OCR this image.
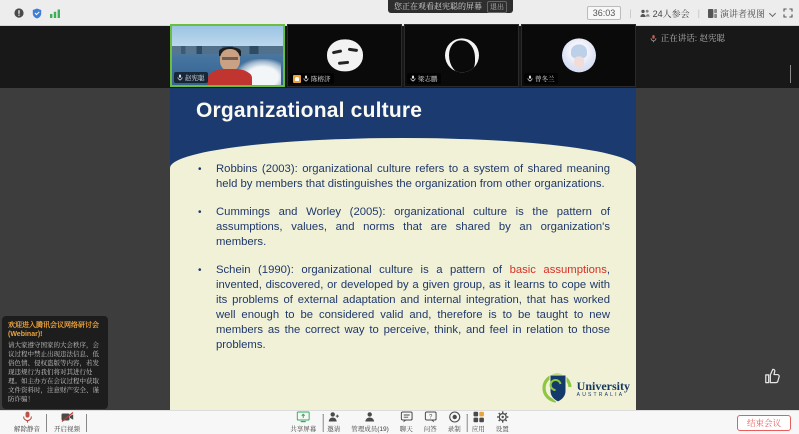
36:03	| 24人参会 | 演讲者视图
您正在观看赵宪聪的屏幕	退出
赵宪聪	陈榕济	梁志鹏	曾冬兰
正在讲话: 赵宪聪
Organizational culture
•	Robbins (2003): organizational culture refers to a system of shared meaning held by members that distinguishes the organization from other organizations.
•	Cummings and Worley (2005): organizational culture is the pattern of assumptions, values, and norms that are shared by an organization's members.
•	Schein (1990): organizational culture is a pattern of basic assumptions, invented, discovered, or developed by a given group, as it learns to cope with its problems of external adaptation and internal integration, that has worked well enough to be considered valid and, therefore is to be taught to new members as the correct way to perceive, think, and feel in relation to those problems.
University
AUSTRALIA
欢迎进入腾讯会议网络研讨会(Webinar)!
请大家遵守国家的大会秩序，会议过程中禁止出现违法信息、低俗色情、侵权盗版等内容，若发现违规行为我们将对其进行处理。如主办方在会议过程中获取文件资料时，注意财产安全、谨防诈骗！
解除静音 开启视频	共享屏幕 邀请 管理成员(19) 聊天
?
问答 录制 应用 设置
结束会议
